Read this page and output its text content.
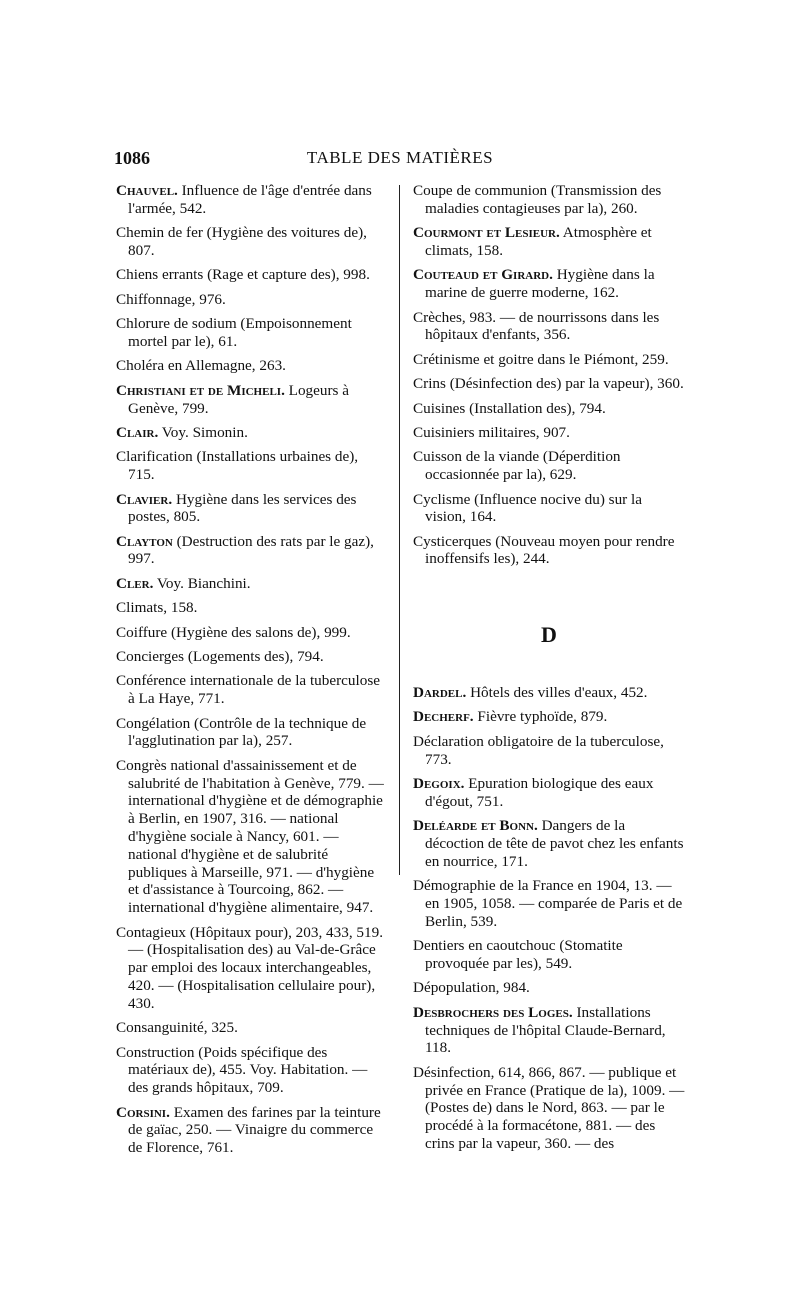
1086	TABLE DES MATIÈRES
Chauvel. Influence de l'âge d'entrée dans l'armée, 542.
Chemin de fer (Hygiène des voitures de), 807.
Chiens errants (Rage et capture des), 998.
Chiffonnage, 976.
Chlorure de sodium (Empoisonnement mortel par le), 61.
Choléra en Allemagne, 263.
Christiani et de Micheli. Logeurs à Genève, 799.
Clair. Voy. Simonin.
Clarification (Installations urbaines de), 715.
Clavier. Hygiène dans les services des postes, 805.
Clayton (Destruction des rats par le gaz), 997.
Cler. Voy. Bianchini.
Climats, 158.
Coiffure (Hygiène des salons de), 999.
Concierges (Logements des), 794.
Conférence internationale de la tuberculose à La Haye, 771.
Congélation (Contrôle de la technique de l'agglutination par la), 257.
Congrès national d'assainissement et de salubrité de l'habitation à Genève, 779. — international d'hygiène et de démographie à Berlin, en 1907, 316. — national d'hygiène sociale à Nancy, 601. — national d'hygiène et de salubrité publiques à Marseille, 971. — d'hygiène et d'assistance à Tourcoing, 862. — international d'hygiène alimentaire, 947.
Contagieux (Hôpitaux pour), 203, 433, 519. — (Hospitalisation des) au Val-de-Grâce par emploi des locaux interchangeables, 420. — (Hospitalisation cellulaire pour), 430.
Consanguinité, 325.
Construction (Poids spécifique des matériaux de), 455. Voy. Habitation. — des grands hôpitaux, 709.
Corsini. Examen des farines par la teinture de gaïac, 250. — Vinaigre du commerce de Florence, 761.
Coupe de communion (Transmission des maladies contagieuses par la), 260.
Courmont et Lesieur. Atmosphère et climats, 158.
Couteaud et Girard. Hygiène dans la marine de guerre moderne, 162.
Crèches, 983. — de nourrissons dans les hôpitaux d'enfants, 356.
Crétinisme et goitre dans le Piémont, 259.
Crins (Désinfection des) par la vapeur), 360.
Cuisines (Installation des), 794.
Cuisiniers militaires, 907.
Cuisson de la viande (Déperdition occasionnée par la), 629.
Cyclisme (Influence nocive du) sur la vision, 164.
Cysticerques (Nouveau moyen pour rendre inoffensifs les), 244.
D
Dardel. Hôtels des villes d'eaux, 452.
Decherf. Fièvre typhoïde, 879.
Déclaration obligatoire de la tuberculose, 773.
Degoix. Epuration biologique des eaux d'égout, 751.
Deléarde et Bonn. Dangers de la décoction de tête de pavot chez les enfants en nourrice, 171.
Démographie de la France en 1904, 13. — en 1905, 1058. — comparée de Paris et de Berlin, 539.
Dentiers en caoutchouc (Stomatite provoquée par les), 549.
Dépopulation, 984.
Desbrochers des Loges. Installations techniques de l'hôpital Claude-Bernard, 118.
Désinfection, 614, 866, 867. — publique et privée en France (Pratique de la), 1009. — (Postes de) dans le Nord, 863. — par le procédé à la formacétone, 881. — des crins par la vapeur, 360. — des
